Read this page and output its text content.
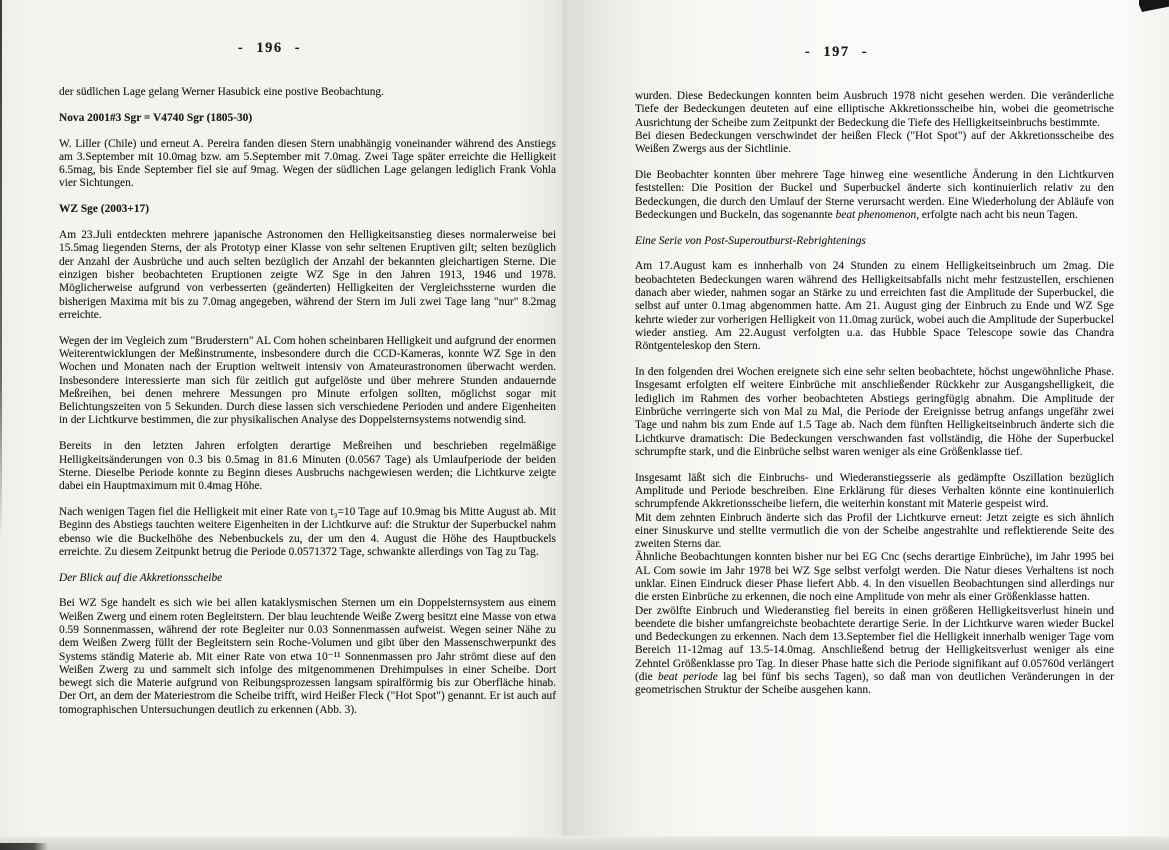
- 196 -
der südlichen Lage gelang Werner Hasubick eine postive Beobachtung.
Nova 2001#3 Sgr = V4740 Sgr (1805-30)
W. Liller (Chile) und erneut A. Pereira fanden diesen Stern unabhängig voneinander während des Anstiegs am 3.September mit 10.0mag bzw. am 5.September mit 7.0mag. Zwei Tage später erreichte die Helligkeit 6.5mag, bis Ende September fiel sie auf 9mag. Wegen der südlichen Lage gelangen lediglich Frank Vohla vier Sichtungen.
WZ Sge (2003+17)
Am 23.Juli entdeckten mehrere japanische Astronomen den Helligkeitsanstieg dieses normalerweise bei 15.5mag liegenden Sterns, der als Prototyp einer Klasse von sehr seltenen Eruptiven gilt; selten bezüglich der Anzahl der Ausbrüche und auch selten bezüglich der Anzahl der bekannten gleichartigen Sterne. Die einzigen bisher beobachteten Eruptionen zeigte WZ Sge in den Jahren 1913, 1946 und 1978. Möglicherweise aufgrund von verbesserten (geänderten) Helligkeiten der Vergleichssterne wurden die bisherigen Maxima mit bis zu 7.0mag angegeben, während der Stern im Juli zwei Tage lang "nur" 8.2mag erreichte.
Wegen der im Vegleich zum "Bruderstern" AL Com hohen scheinbaren Helligkeit und aufgrund der enormen Weiterentwicklungen der Meßinstrumente, insbesondere durch die CCD-Kameras, konnte WZ Sge in den Wochen und Monaten nach der Eruption weltweit intensiv von Amateurastronomen überwacht werden. Insbesondere interessierte man sich für zeitlich gut aufgelöste und über mehrere Stunden andauernde Meßreihen, bei denen mehrere Messungen pro Minute erfolgen sollten, möglichst sogar mit Belichtungszeiten von 5 Sekunden. Durch diese lassen sich verschiedene Perioden und andere Eigenheiten in der Lichtkurve bestimmen, die zur physikalischen Analyse des Doppelsternsystems notwendig sind.
Bereits in den letzten Jahren erfolgten derartige Meßreihen und beschrieben regelmäßige Helligkeitsänderungen von 0.3 bis 0.5mag in 81.6 Minuten (0.0567 Tage) als Umlaufperiode der beiden Sterne. Dieselbe Periode konnte zu Beginn dieses Ausbruchs nachgewiesen werden; die Lichtkurve zeigte dabei ein Hauptmaximum mit 0.4mag Höhe.
Nach wenigen Tagen fiel die Helligkeit mit einer Rate von t₃=10 Tage auf 10.9mag bis Mitte August ab. Mit Beginn des Abstiegs tauchten weitere Eigenheiten in der Lichtkurve auf: die Struktur der Superbuckel nahm ebenso wie die Buckelhöhe des Nebenbuckels zu, der um den 4. August die Höhe des Hauptbuckels erreichte. Zu diesem Zeitpunkt betrug die Periode 0.0571372 Tage, schwankte allerdings von Tag zu Tag.
Der Blick auf die Akkretionsscheibe
Bei WZ Sge handelt es sich wie bei allen kataklysmischen Sternen um ein Doppelsternsystem aus einem Weißen Zwerg und einem roten Begleitstern. Der blau leuchtende Weiße Zwerg besitzt eine Masse von etwa 0.59 Sonnenmassen, während der rote Begleiter nur 0.03 Sonnenmassen aufweist. Wegen seiner Nähe zu dem Weißen Zwerg füllt der Begleitstern sein Roche-Volumen und gibt über den Massenschwerpunkt des Systems ständig Materie ab. Mit einer Rate von etwa 10⁻¹¹ Sonnenmassen pro Jahr strömt diese auf den Weißen Zwerg zu und sammelt sich infolge des mitgenommenen Drehimpulses in einer Scheibe. Dort bewegt sich die Materie aufgrund von Reibungsprozessen langsam spiralförmig bis zur Oberfläche hinab. Der Ort, an dem der Materiestrom die Scheibe trifft, wird Heißer Fleck ("Hot Spot") genannt. Er ist auch auf tomographischen Untersuchungen deutlich zu erkennen (Abb. 3).
- 197 -
wurden. Diese Bedeckungen konnten beim Ausbruch 1978 nicht gesehen werden. Die veränderliche Tiefe der Bedeckungen deuteten auf eine elliptische Akkretionsscheibe hin, wobei die geometrische Ausrichtung der Scheibe zum Zeitpunkt der Bedeckung die Tiefe des Helligkeitseinbruchs bestimmte.
Bei diesen Bedeckungen verschwindet der heißen Fleck ("Hot Spot") auf der Akkretionsscheibe des Weißen Zwergs aus der Sichtlinie.
Die Beobachter konnten über mehrere Tage hinweg eine wesentliche Änderung in den Lichtkurven feststellen: Die Position der Buckel und Superbuckel änderte sich kontinuierlich relativ zu den Bedeckungen, die durch den Umlauf der Sterne verursacht werden. Eine Wiederholung der Abläufe von Bedeckungen und Buckeln, das sogenannte beat phenomenon, erfolgte nach acht bis neun Tagen.
Eine Serie von Post-Superoutburst-Rebrightenings
Am 17.August kam es innherhalb von 24 Stunden zu einem Helligkeitseinbruch um 2mag. Die beobachteten Bedeckungen waren während des Helligkeitsabfalls nicht mehr festzustellen, erschienen danach aber wieder, nahmen sogar an Stärke zu und erreichten fast die Amplitude der Superbuckel, die selbst auf unter 0.1mag abgenommen hatte. Am 21. August ging der Einbruch zu Ende und WZ Sge kehrte wieder zur vorherigen Helligkeit von 11.0mag zurück, wobei auch die Amplitude der Superbuckel wieder anstieg. Am 22.August verfolgten u.a. das Hubble Space Telescope sowie das Chandra Röntgenteleskop den Stern.
In den folgenden drei Wochen ereignete sich eine sehr selten beobachtete, höchst ungewöhnliche Phase. Insgesamt erfolgten elf weitere Einbrüche mit anschließender Rückkehr zur Ausgangshelligkeit, die lediglich im Rahmen des vorher beobachteten Abstiegs geringfügig abnahm. Die Amplitude der Einbrüche verringerte sich von Mal zu Mal, die Periode der Ereignisse betrug anfangs ungefähr zwei Tage und nahm bis zum Ende auf 1.5 Tage ab. Nach dem fünften Helligkeitseinbruch änderte sich die Lichtkurve dramatisch: Die Bedeckungen verschwanden fast vollständig, die Höhe der Superbuckel schrumpfte stark, und die Einbrüche selbst waren weniger als eine Größenklasse tief.
Insgesamt läßt sich die Einbruchs- und Wiederanstiegsserie als gedämpfte Oszillation bezüglich Amplitude und Periode beschreiben. Eine Erklärung für dieses Verhalten könnte eine kontinuierlich schrumpfende Akkretionsscheibe liefern, die weiterhin konstant mit Materie gespeist wird.
Mit dem zehnten Einbruch änderte sich das Profil der Lichtkurve erneut: Jetzt zeigte es sich ähnlich einer Sinuskurve und stellte vermutlich die von der Scheibe angestrahlte und reflektierende Seite des zweiten Sterns dar.
Ähnliche Beobachtungen konnten bisher nur bei EG Cnc (sechs derartige Einbrüche), im Jahr 1995 bei AL Com sowie im Jahr 1978 bei WZ Sge selbst verfolgt werden. Die Natur dieses Verhaltens ist noch unklar. Einen Eindruck dieser Phase liefert Abb. 4. In den visuellen Beobachtungen sind allerdings nur die ersten Einbrüche zu erkennen, die noch eine Amplitude von mehr als einer Größenklasse hatten.
Der zwölfte Einbruch und Wiederanstieg fiel bereits in einen größeren Helligkeitsverlust hinein und beendete die bisher umfangreichste beobachtete derartige Serie. In der Lichtkurve waren wieder Buckel und Bedeckungen zu erkennen. Nach dem 13.September fiel die Helligkeit innerhalb weniger Tage vom Bereich 11-12mag auf 13.5-14.0mag. Anschließend betrug der Helligkeitsverlust weniger als eine Zehntel Größenklasse pro Tag. In dieser Phase hatte sich die Periode signifikant auf 0.05760d verlängert (die beat periode lag bei fünf bis sechs Tagen), so daß man von deutlichen Veränderungen in der geometrischen Struktur der Scheibe ausgehen kann.
